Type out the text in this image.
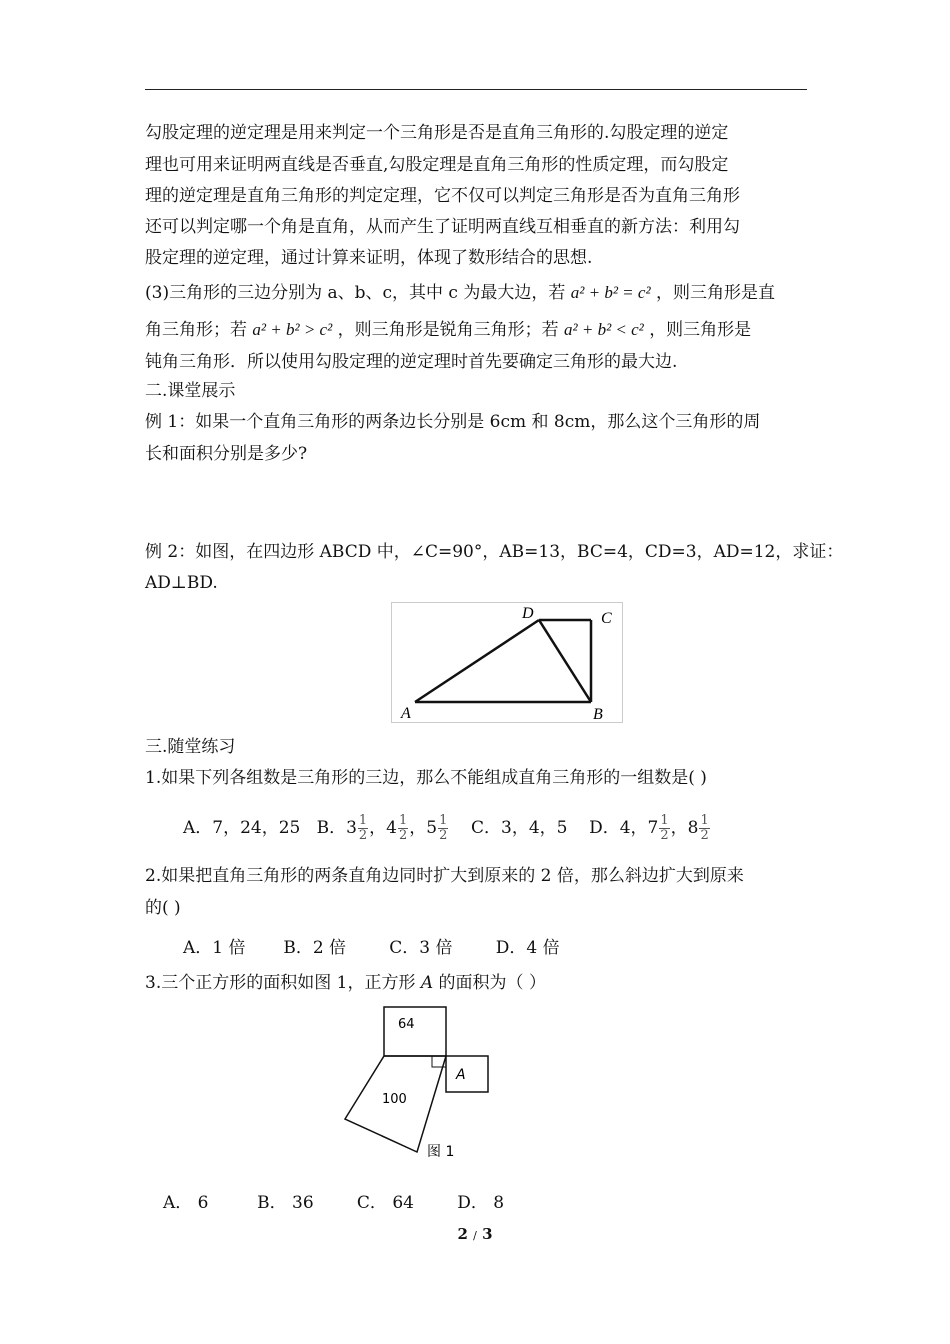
勾股定理的逆定理是用来判定一个三角形是否是直角三角形的.勾股定理的逆定
理也可用来证明两直线是否垂直,勾股定理是直角三角形的性质定理，而勾股定
理的逆定理是直角三角形的判定定理，它不仅可以判定三角形是否为直角三角形
还可以判定哪一个角是直角，从而产生了证明两直线互相垂直的新方法：利用勾
股定理的逆定理，通过计算来证明，体现了数形结合的思想.
(3)三角形的三边分别为 a、b、c，其中 c 为最大边，若 a² + b² = c² ，则三角形是直
角三角形；若 a² + b² > c² ，则三角形是锐角三角形；若 a² + b² < c² ，则三角形是
钝角三角形．所以使用勾股定理的逆定理时首先要确定三角形的最大边.
二.课堂展示
例 1：如果一个直角三角形的两条边长分别是 6cm 和 8cm，那么这个三角形的周
长和面积分别是多少?
例 2：如图，在四边形 ABCD 中，∠C=90°，AB=13，BC=4，CD=3，AD=12，求证：
AD⊥BD.
A	B
C
D
三.随堂练习
1.如果下列各组数是三角形的三边，那么不能组成直角三角形的一组数是( )
A．7，24，25 B．$3 \frac{1}{2}$ ，$4 \frac{1}{2}$ ，$5 \frac{1}{2}$ C．3，4，5 D．4，$7 \frac{1}{2}$ ，$8 \frac{1}{2}$
2.如果把直角三角形的两条直角边同时扩大到原来的 2 倍，那么斜边扩大到原来
的( )
A．1 倍 B．2 倍	C．3 倍	D．4 倍
3.三个正方形的面积如图 1，正方形 A 的面积为（ ）
64
100
A
图 1
A． 6	B． 36	C． 64	D． 8
2 / 3
